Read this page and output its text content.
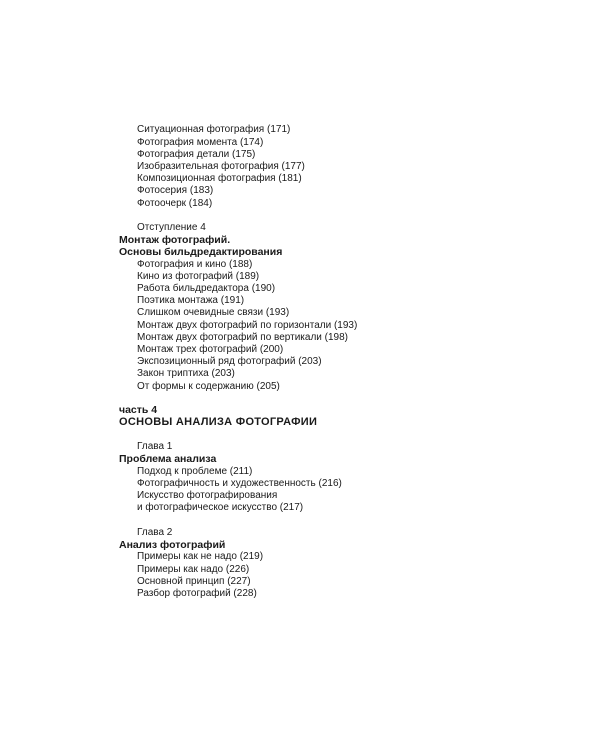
Ситуационная фотография (171)
Фотография момента (174)
Фотография детали (175)
Изобразительная фотография (177)
Композиционная фотография (181)
Фотосерия (183)
Фотоочерк (184)
Отступление 4
Монтаж фотографий.
Основы бильдредактирования
Фотография и кино (188)
Кино из фотографий (189)
Работа бильдредактора (190)
Поэтика монтажа (191)
Слишком очевидные связи (193)
Монтаж двух фотографий по горизонтали (193)
Монтаж двух фотографий по вертикали (198)
Монтаж трех фотографий (200)
Экспозиционный ряд фотографий (203)
Закон триптиха (203)
От формы к содержанию (205)
часть 4
ОСНОВЫ АНАЛИЗА ФОТОГРАФИИ
Глава 1
Проблема анализа
Подход к проблеме (211)
Фотографичность и художественность (216)
Искусство фотографирования
и фотографическое искусство (217)
Глава 2
Анализ фотографий
Примеры как не надо (219)
Примеры как надо (226)
Основной принцип (227)
Разбор фотографий (228)
